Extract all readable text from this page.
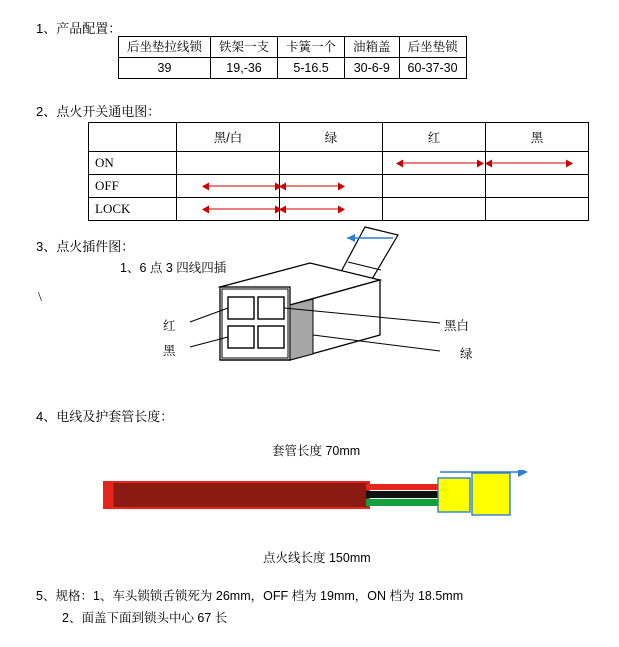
1、产品配置：
后坐垫拉线锁	铁架一支	卡簧一个	油箱盖	后坐垫锁
39	19,-36	5-16.5	30-6-9	60-37-30
2、点火开关通电图：
	黑/白	绿	红	黑
ON			

OFF	

LOCK	

3、点火插件图：
1、6 点 3 四线四插
\
红
黑
黑白
绿
4、电线及护套管长度：
套管长度 70mm
点火线长度 150mm
5、规格：1、车头锁锁舌锁死为 26mm，OFF 档为 19mm，ON 档为 18.5mm
2、面盖下面到锁头中心 67 长
